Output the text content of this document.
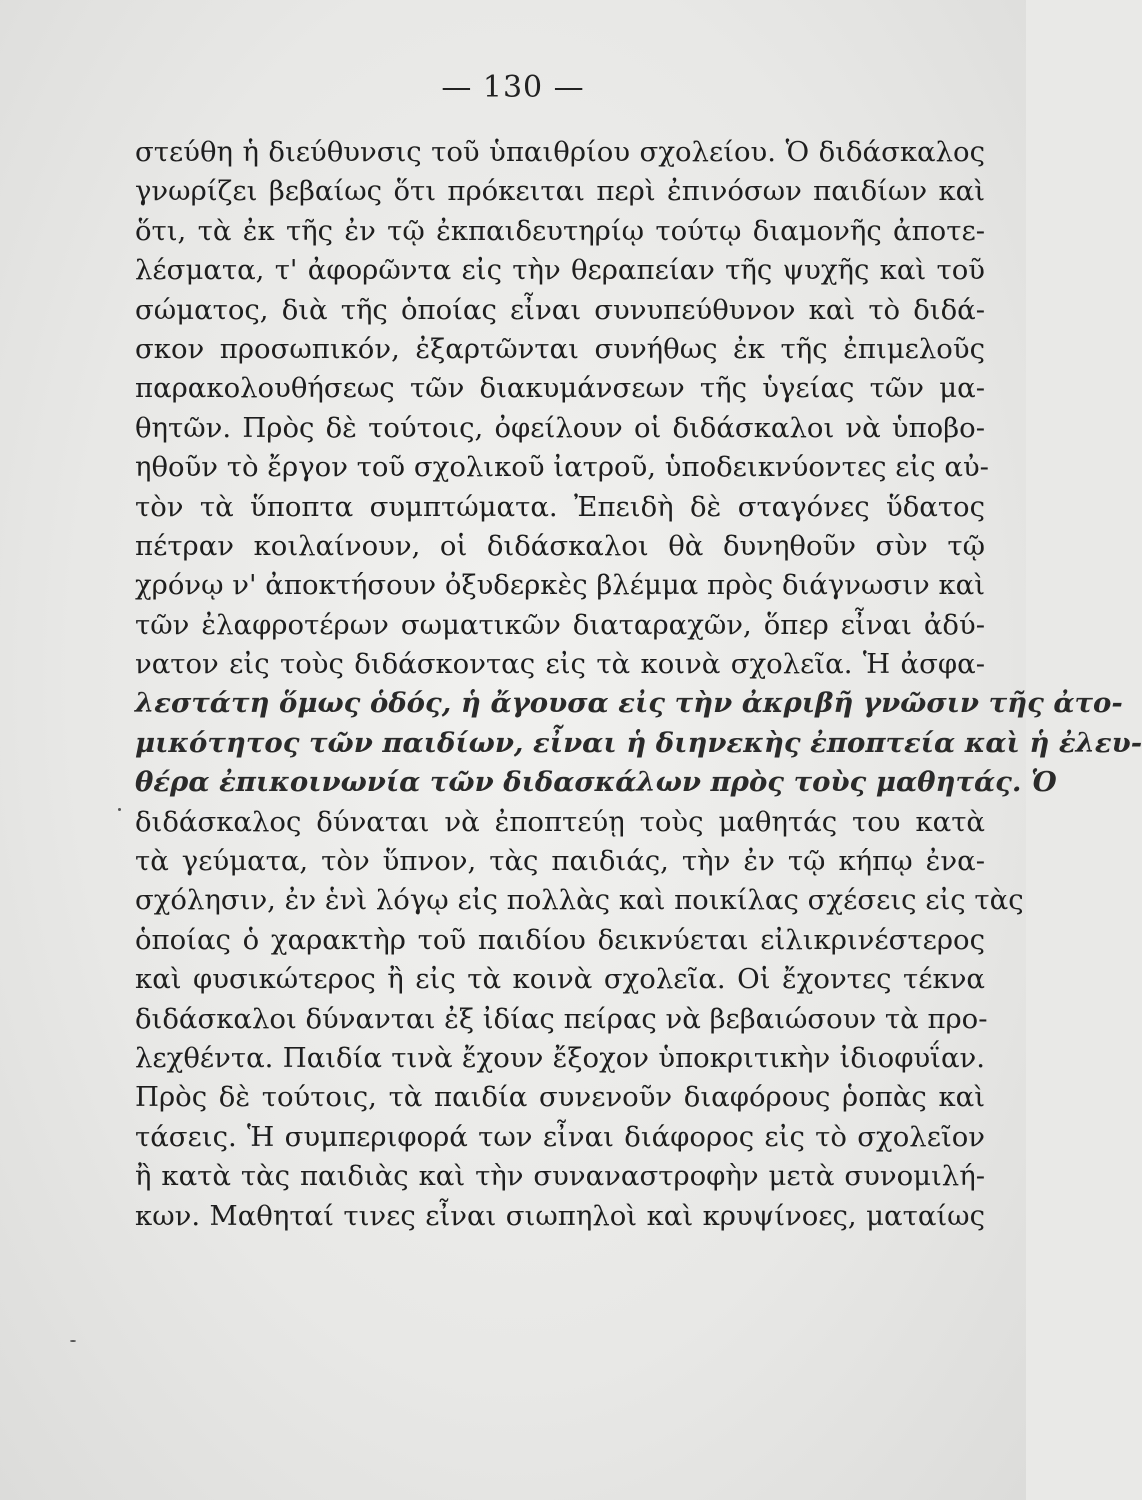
— 130 —
στεύθη ἡ διεύθυνσις τοῦ ὑπαιθρίου σχολείου. Ὁ διδάσκαλος
γνωρίζει βεβαίως ὅτι πρόκειται περὶ ἐπινόσων παιδίων καὶ
ὅτι, τὰ ἐκ τῆς ἐν τῷ ἐκπαιδευτηρίῳ τούτῳ διαμονῆς ἀποτε-
λέσματα, τ' ἀφορῶντα εἰς τὴν θεραπείαν τῆς ψυχῆς καὶ τοῦ
σώματος, διὰ τῆς ὁποίας εἶναι συνυπεύθυνον καὶ τὸ διδά-
σκον προσωπικόν, ἐξαρτῶνται συνήθως ἐκ τῆς ἐπιμελοῦς
παρακολουθήσεως τῶν διακυμάνσεων τῆς ὑγείας τῶν μα-
θητῶν. Πρὸς δὲ τούτοις, ὀφείλουν οἱ διδάσκαλοι νὰ ὑποβο-
ηθοῦν τὸ ἔργον τοῦ σχολικοῦ ἰατροῦ, ὑποδεικνύοντες εἰς αὐ-
τὸν τὰ ὕποπτα συμπτώματα. Ἐπειδὴ δὲ σταγόνες ὕδατος
πέτραν κοιλαίνουν, οἱ διδάσκαλοι θὰ δυνηθοῦν σὺν τῷ
χρόνῳ ν' ἀποκτήσουν ὀξυδερκὲς βλέμμα πρὸς διάγνωσιν καὶ
τῶν ἐλαφροτέρων σωματικῶν διαταραχῶν, ὅπερ εἶναι ἀδύ-
νατον εἰς τοὺς διδάσκοντας εἰς τὰ κοινὰ σχολεῖα. Ἡ ἀσφα-
λεστάτη ὅμως ὁδός, ἡ ἄγουσα εἰς τὴν ἀκριβῆ γνῶσιν τῆς ἀτο-
μικότητος τῶν παιδίων, εἶναι ἡ διηνεκὴς ἐποπτεία καὶ ἡ ἐλευ-
θέρα ἐπικοινωνία τῶν διδασκάλων πρὸς τοὺς μαθητάς. Ὁ
διδάσκαλος δύναται νὰ ἐποπτεύῃ τοὺς μαθητάς του κατὰ
τὰ γεύματα, τὸν ὕπνον, τὰς παιδιάς, τὴν ἐν τῷ κήπῳ ἐνα-
σχόλησιν, ἐν ἑνὶ λόγῳ εἰς πολλὰς καὶ ποικίλας σχέσεις εἰς τὰς
ὁποίας ὁ χαρακτὴρ τοῦ παιδίου δεικνύεται εἰλικρινέστερος
καὶ φυσικώτερος ἢ εἰς τὰ κοινὰ σχολεῖα. Οἱ ἔχοντες τέκνα
διδάσκαλοι δύνανται ἐξ ἰδίας πείρας νὰ βεβαιώσουν τὰ προ-
λεχθέντα. Παιδία τινὰ ἔχουν ἔξοχον ὑποκριτικὴν ἰδιοφυΐαν.
Πρὸς δὲ τούτοις, τὰ παιδία συνενοῦν διαφόρους ῥοπὰς καὶ
τάσεις. Ἡ συμπεριφορά των εἶναι διάφορος εἰς τὸ σχολεῖον
ἢ κατὰ τὰς παιδιὰς καὶ τὴν συναναστροφὴν μετὰ συνομιλή-
κων. Μαθηταί τινες εἶναι σιωπηλοὶ καὶ κρυψίνοες, ματαίως
